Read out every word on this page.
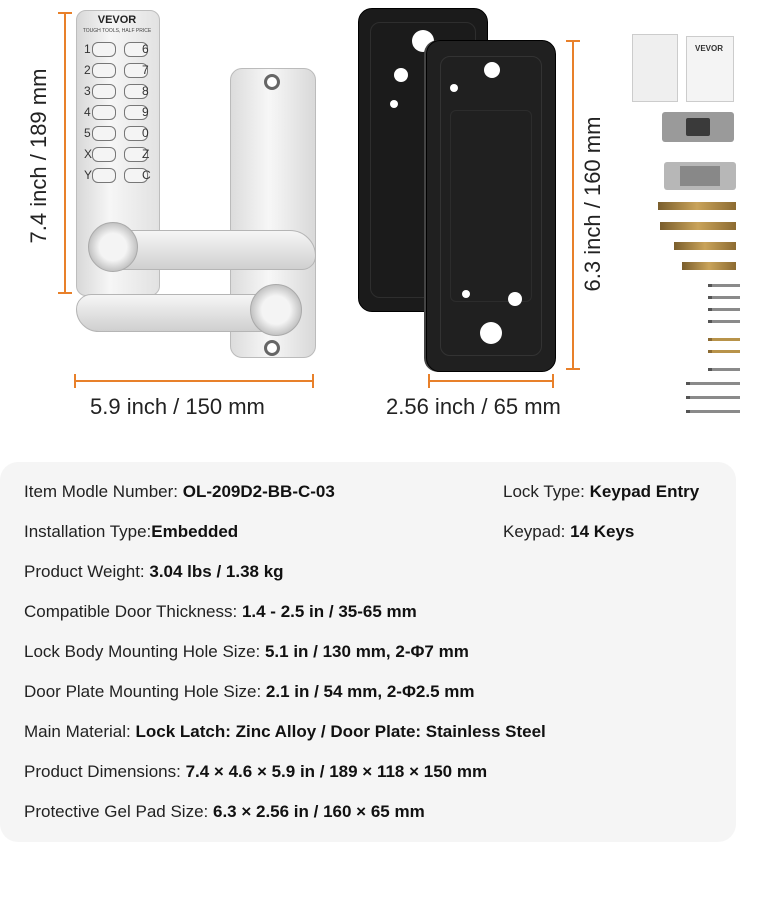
7.4 inch / 189 mm
VEVOR
TOUGH TOOLS, HALF PRICE
1	6
2	7
3	8
4	9
5	0
X	Z
Y	C
5.9 inch / 150 mm
6.3 inch / 160 mm
2.56 inch / 65 mm
VEVOR
Item Modle Number: OL-209D2-BB-C-03	Lock Type: Keypad Entry
Installation Type:Embedded	Keypad: 14 Keys
Product Weight: 3.04 lbs / 1.38 kg
Compatible Door Thickness: 1.4 - 2.5 in / 35-65 mm
Lock Body Mounting Hole Size: 5.1 in / 130 mm, 2-Φ7 mm
Door Plate Mounting Hole Size: 2.1 in / 54 mm, 2-Φ2.5 mm
Main Material: Lock Latch: Zinc Alloy / Door Plate: Stainless Steel
Product Dimensions: 7.4 × 4.6 × 5.9 in / 189 × 118 × 150 mm
Protective Gel Pad Size: 6.3 × 2.56 in / 160 × 65 mm
